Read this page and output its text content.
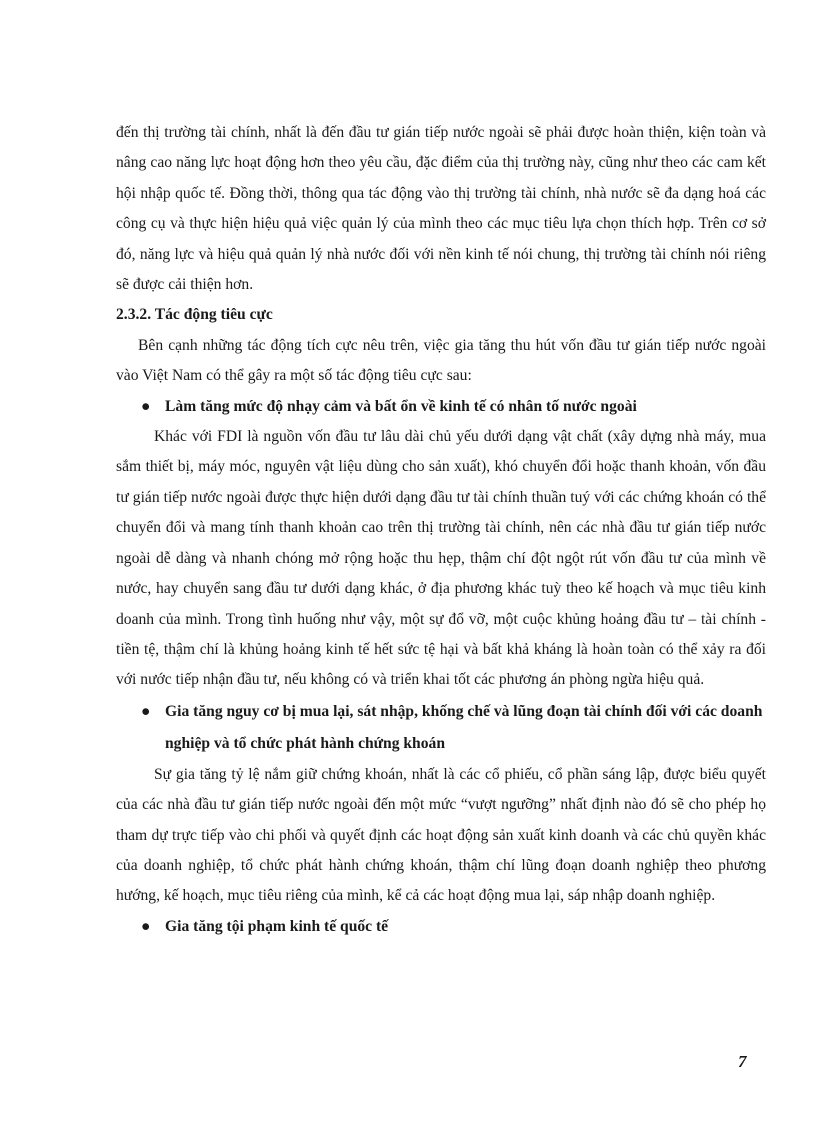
đến thị trường tài chính, nhất là đến đầu tư gián tiếp nước ngoài sẽ phải được hoàn thiện, kiện toàn và nâng cao năng lực hoạt động hơn theo yêu cầu, đặc điểm của thị trường này, cũng như theo các cam kết hội nhập quốc tế. Đồng thời, thông qua tác động vào thị trường tài chính, nhà nước sẽ đa dạng hoá các công cụ và thực hiện hiệu quả việc quản lý của mình theo các mục tiêu lựa chọn thích hợp. Trên cơ sở đó, năng lực và hiệu quả quản lý nhà nước đối với nền kinh tế nói chung, thị trường tài chính nói riêng sẽ được cải thiện hơn.

2.3.2. Tác động tiêu cực

Bên cạnh những tác động tích cực nêu trên, việc gia tăng thu hút vốn đầu tư gián tiếp nước ngoài vào Việt Nam có thể gây ra một số tác động tiêu cực sau:

● Làm tăng mức độ nhạy cảm và bất ổn về kinh tế có nhân tố nước ngoài

Khác với FDI là nguồn vốn đầu tư lâu dài chủ yếu dưới dạng vật chất (xây dựng nhà máy, mua sắm thiết bị, máy móc, nguyên vật liệu dùng cho sản xuất), khó chuyển đổi hoặc thanh khoản, vốn đầu tư gián tiếp nước ngoài được thực hiện dưới dạng đầu tư tài chính thuần tuý với các chứng khoán có thể chuyển đổi và mang tính thanh khoản cao trên thị trường tài chính, nên các nhà đầu tư gián tiếp nước ngoài dễ dàng và nhanh chóng mở rộng hoặc thu hẹp, thậm chí đột ngột rút vốn đầu tư của mình về nước, hay chuyển sang đầu tư dưới dạng khác, ở địa phương khác tuỳ theo kế hoạch và mục tiêu kinh doanh của mình. Trong tình huống như vậy, một sự đổ vỡ, một cuộc khủng hoảng đầu tư – tài chính - tiền tệ, thậm chí là khủng hoảng kinh tế hết sức tệ hại và bất khả kháng là hoàn toàn có thể xảy ra đối với nước tiếp nhận đầu tư, nếu không có và triển khai tốt các phương án phòng ngừa hiệu quả.

● Gia tăng nguy cơ bị mua lại, sát nhập, khống chế và lũng đoạn tài chính đối với các doanh nghiệp và tổ chức phát hành chứng khoán

Sự gia tăng tỷ lệ nắm giữ chứng khoán, nhất là các cổ phiếu, cổ phần sáng lập, được biểu quyết của các nhà đầu tư gián tiếp nước ngoài đến một mức “vượt ngưỡng” nhất định nào đó sẽ cho phép họ tham dự trực tiếp vào chi phối và quyết định các hoạt động sản xuất kinh doanh và các chủ quyền khác của doanh nghiệp, tổ chức phát hành chứng khoán, thậm chí lũng đoạn doanh nghiệp theo phương hướng, kế hoạch, mục tiêu riêng của mình, kể cả các hoạt động mua lại, sáp nhập doanh nghiệp.

● Gia tăng tội phạm kinh tế quốc tế

7
